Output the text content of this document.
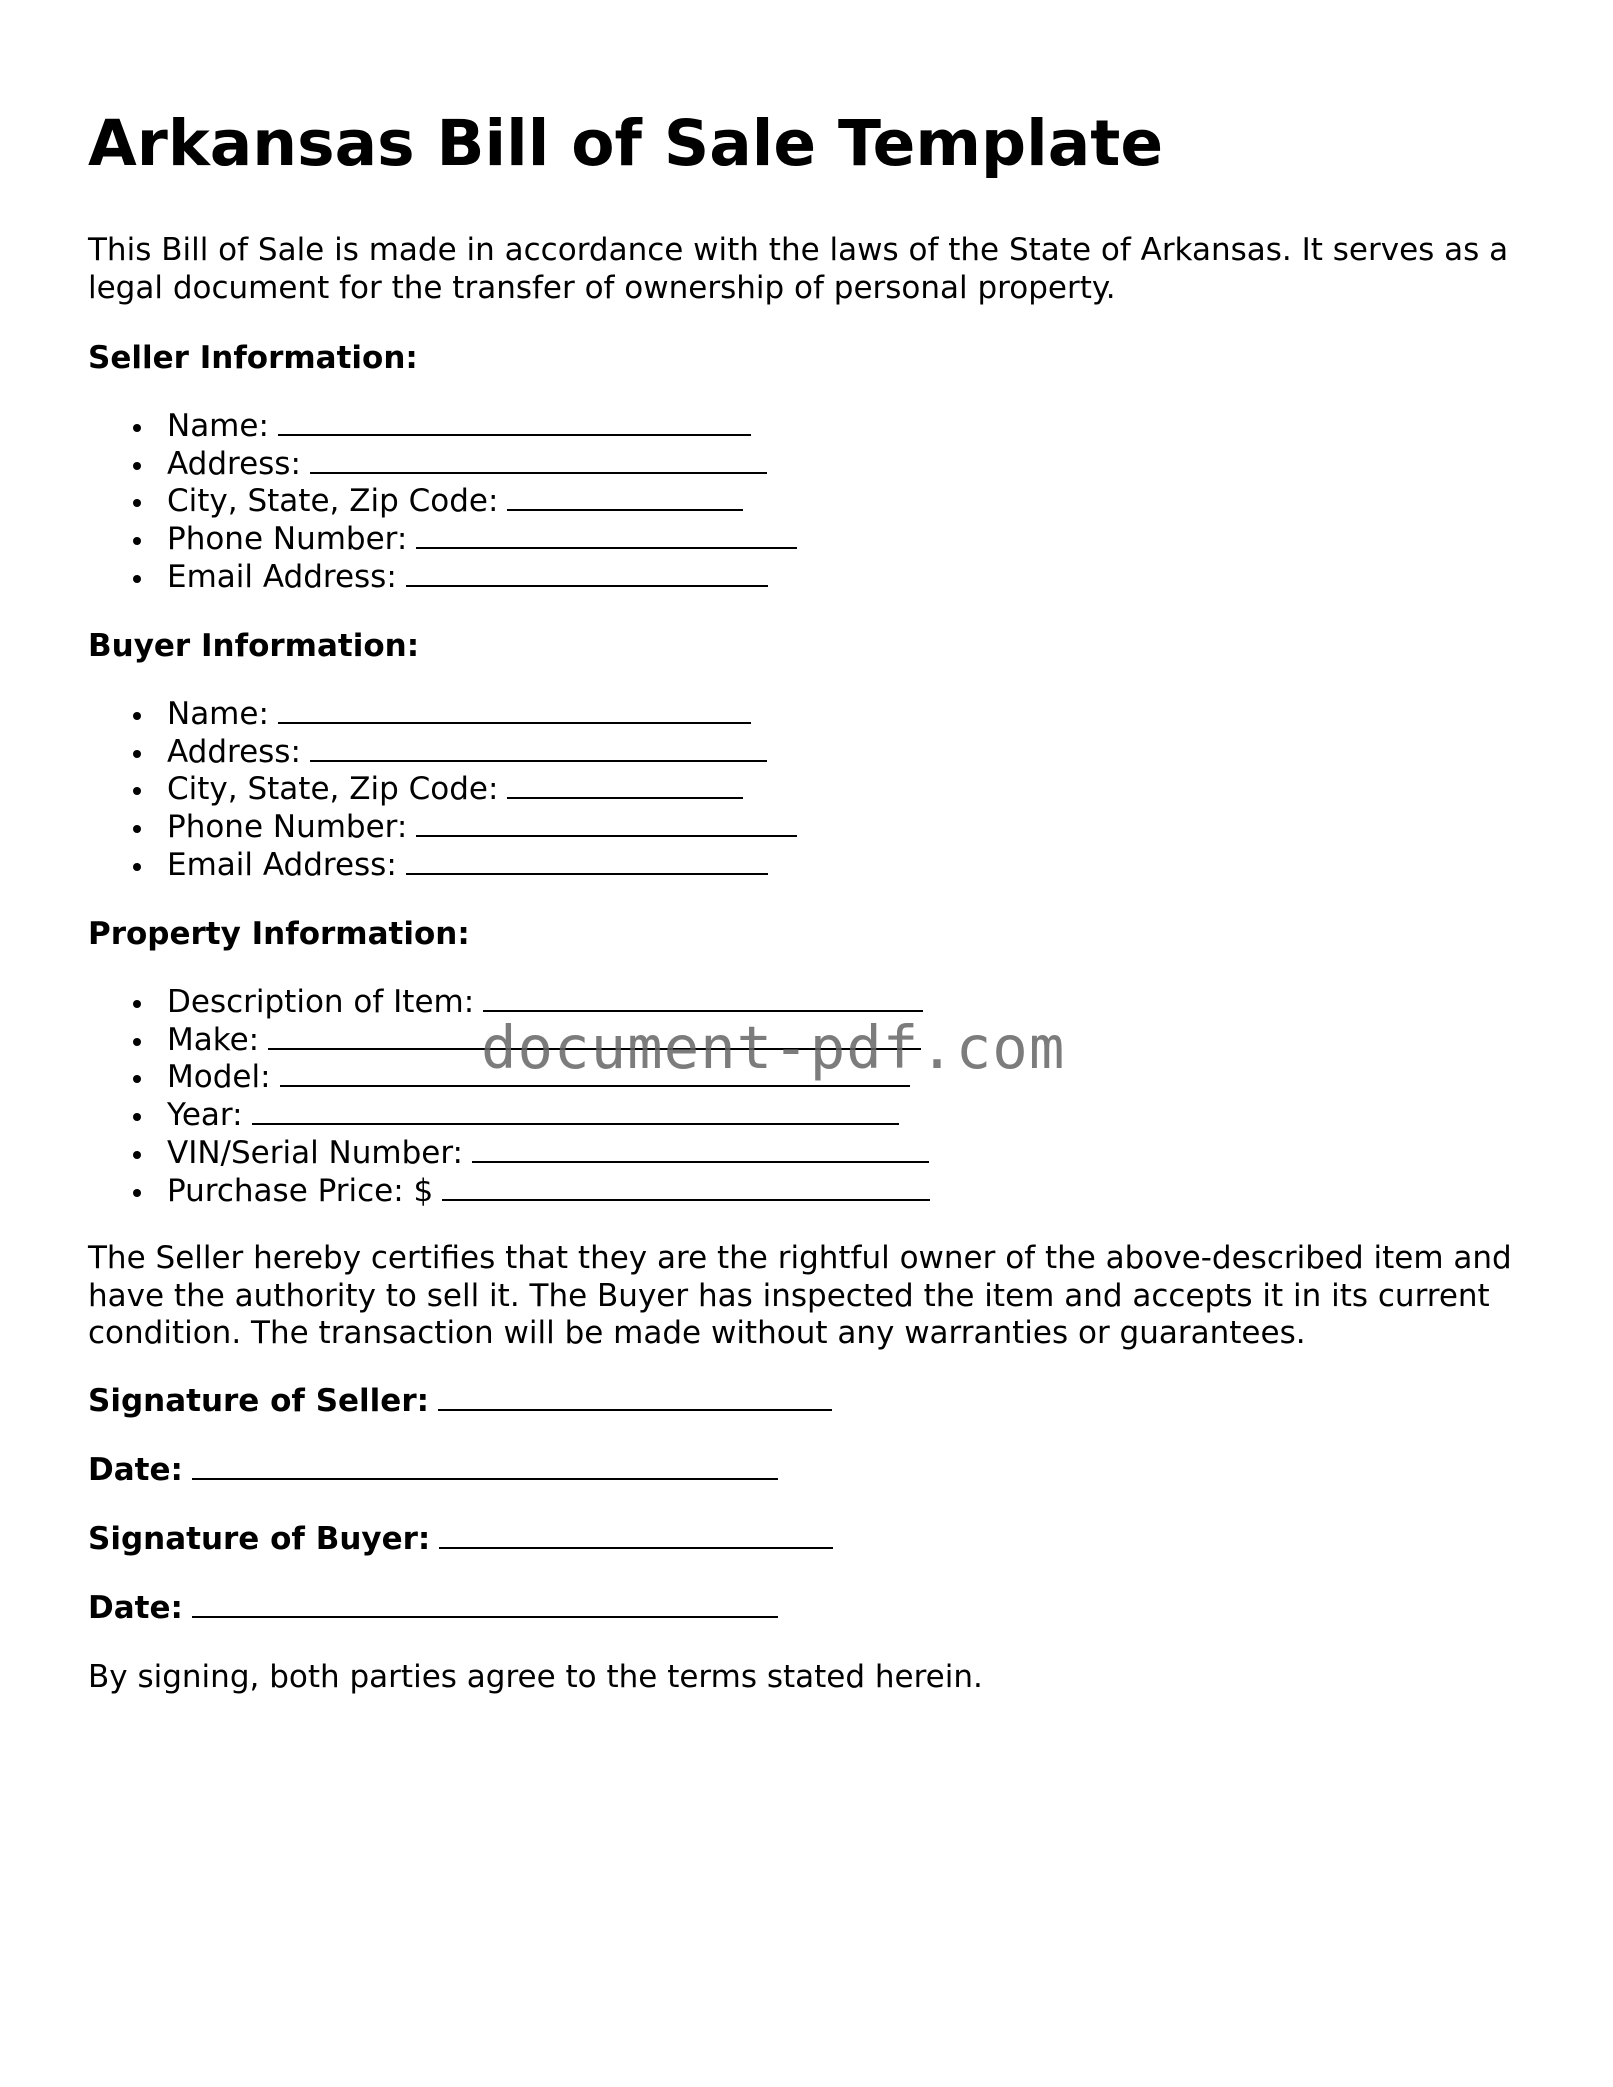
Arkansas Bill of Sale Template

This Bill of Sale is made in accordance with the laws of the State of Arkansas. It serves as a legal document for the transfer of ownership of personal property.

Seller Information:

Name:
Address:
City, State, Zip Code:
Phone Number:
Email Address:

Buyer Information:

Name:
Address:
City, State, Zip Code:
Phone Number:
Email Address:

Property Information:

Description of Item:
Make:
Model:
Year:
VIN/Serial Number:
Purchase Price: $

The Seller hereby certifies that they are the rightful owner of the above-described item and have the authority to sell it. The Buyer has inspected the item and accepts it in its current condition. The transaction will be made without any warranties or guarantees.

Signature of Seller:

Date:

Signature of Buyer:

Date:

By signing, both parties agree to the terms stated herein.

document-pdf.com
